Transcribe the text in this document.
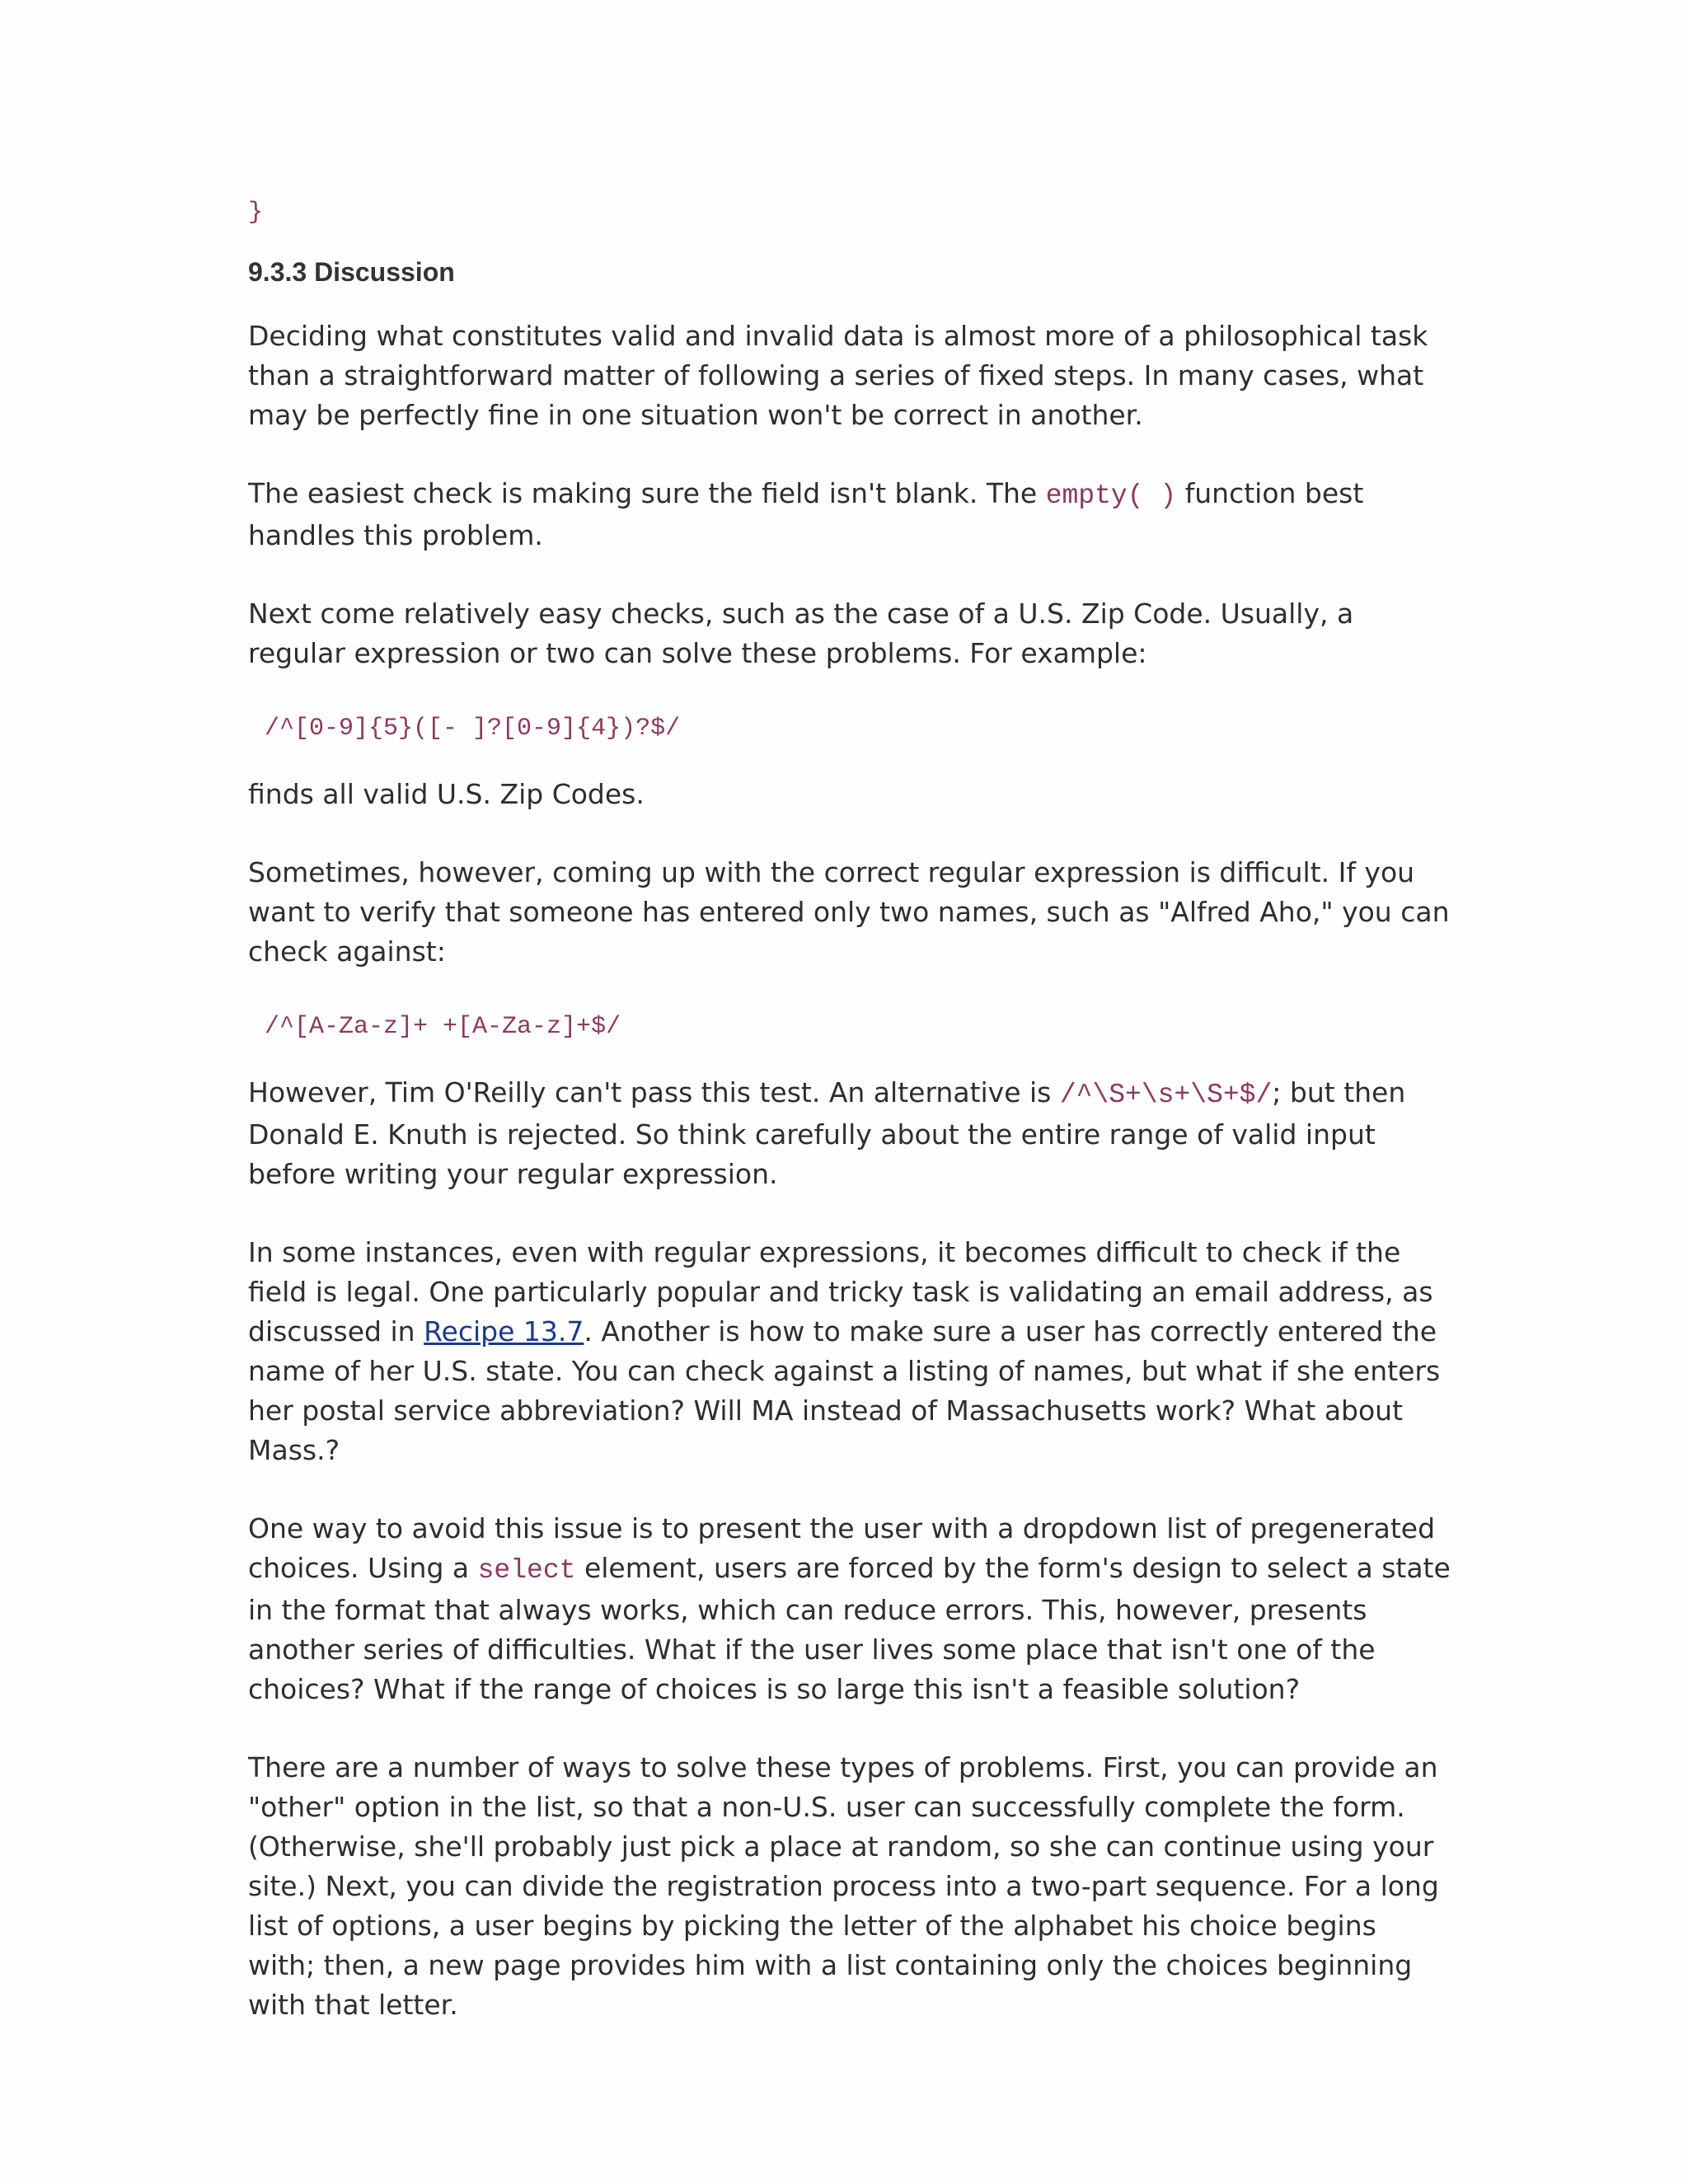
}
9.3.3 Discussion

Deciding what constitutes valid and invalid data is almost more of a philosophical task than a straightforward matter of following a series of fixed steps. In many cases, what may be perfectly fine in one situation won't be correct in another.

The easiest check is making sure the field isn't blank. The empty( ) function best handles this problem.

Next come relatively easy checks, such as the case of a U.S. Zip Code. Usually, a regular expression or two can solve these problems. For example:

/^[0-9]{5}([- ]?[0-9]{4})?$/

finds all valid U.S. Zip Codes.

Sometimes, however, coming up with the correct regular expression is difficult. If you want to verify that someone has entered only two names, such as "Alfred Aho," you can check against:

/^[A-Za-z]+ +[A-Za-z]+$/

However, Tim O'Reilly can't pass this test. An alternative is /^\S+\s+\S+$/; but then Donald E. Knuth is rejected. So think carefully about the entire range of valid input before writing your regular expression.

In some instances, even with regular expressions, it becomes difficult to check if the field is legal. One particularly popular and tricky task is validating an email address, as discussed in Recipe 13.7. Another is how to make sure a user has correctly entered the name of her U.S. state. You can check against a listing of names, but what if she enters her postal service abbreviation? Will MA instead of Massachusetts work? What about Mass.?

One way to avoid this issue is to present the user with a dropdown list of pregenerated choices. Using a select element, users are forced by the form's design to select a state in the format that always works, which can reduce errors. This, however, presents another series of difficulties. What if the user lives some place that isn't one of the choices? What if the range of choices is so large this isn't a feasible solution?

There are a number of ways to solve these types of problems. First, you can provide an "other" option in the list, so that a non-U.S. user can successfully complete the form. (Otherwise, she'll probably just pick a place at random, so she can continue using your site.) Next, you can divide the registration process into a two-part sequence. For a long list of options, a user begins by picking the letter of the alphabet his choice begins with; then, a new page provides him with a list containing only the choices beginning with that letter.
